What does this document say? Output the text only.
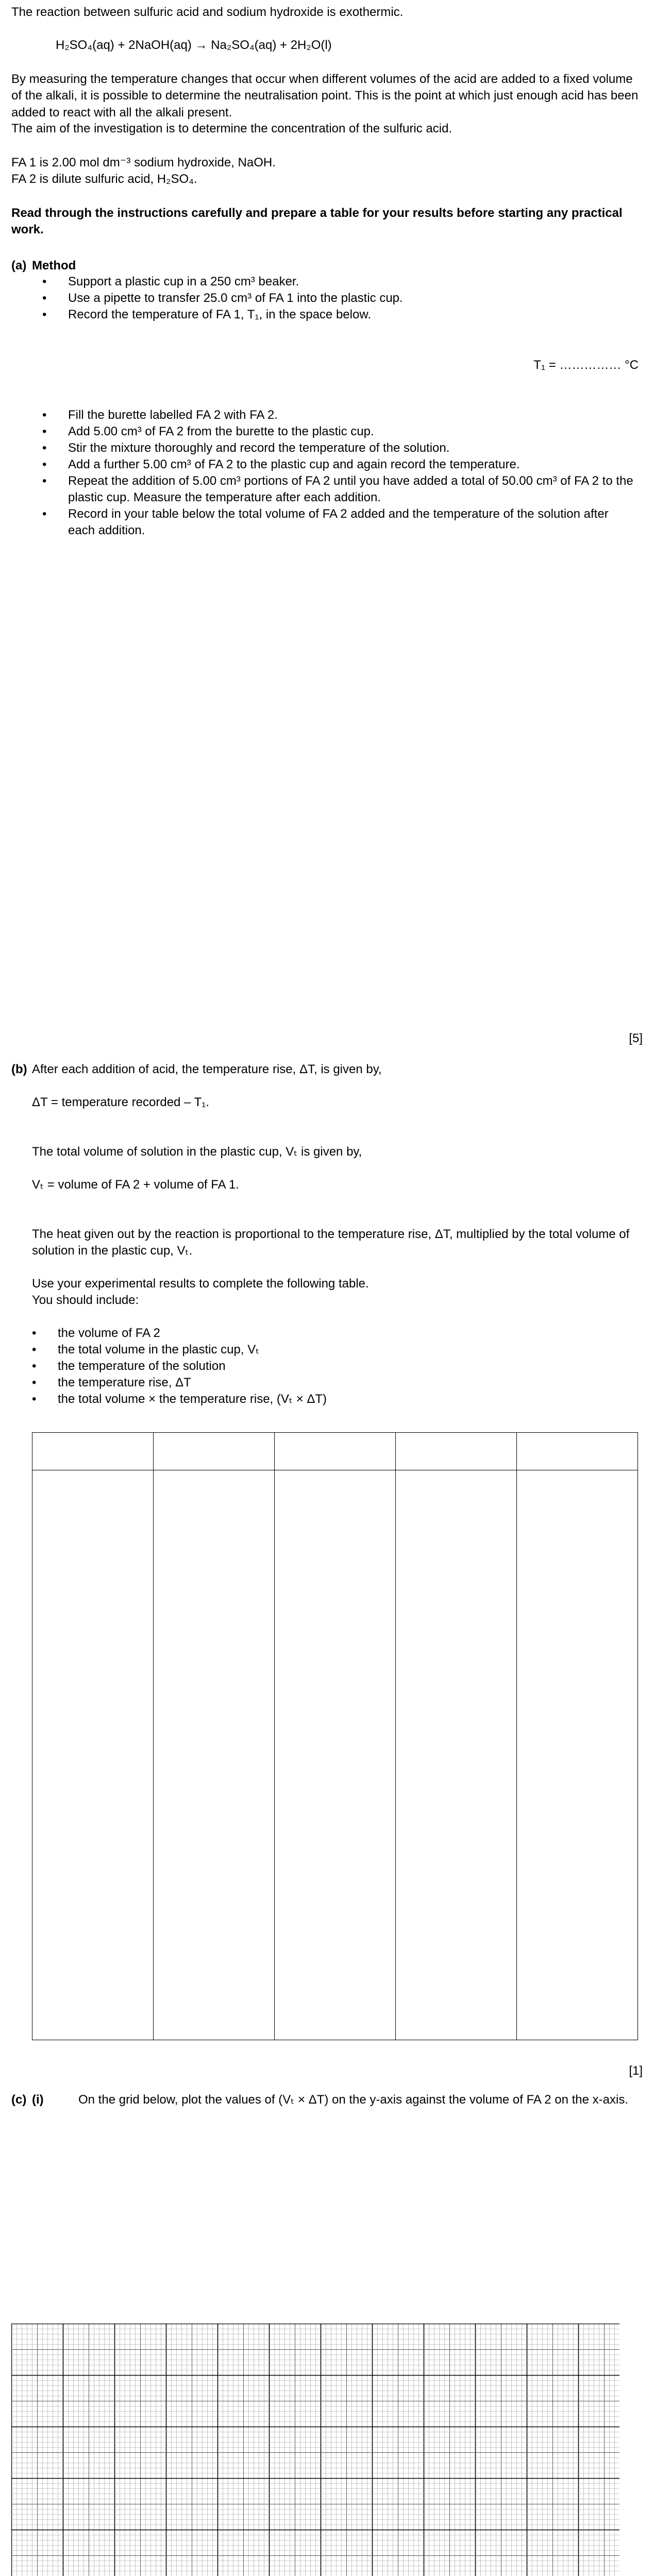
The reaction between sulfuric acid and sodium hydroxide is exothermic.

H₂SO₄(aq) + 2NaOH(aq) → Na₂SO₄(aq) + 2H₂O(l)

By measuring the temperature changes that occur when different volumes of the acid are added to a fixed volume of the alkali, it is possible to determine the neutralisation point. This is the point at which just enough acid has been added to react with all the alkali present.

The aim of the investigation is to determine the concentration of the sulfuric acid.

FA 1 is 2.00 mol dm⁻³ sodium hydroxide, NaOH.

FA 2 is dilute sulfuric acid, H₂SO₄.

Read through the instructions carefully and prepare a table for your results before starting any practical work.

(a) Method

• Support a plastic cup in a 250 cm³ beaker.

• Use a pipette to transfer 25.0 cm³ of FA 1 into the plastic cup.

• Record the temperature of FA 1, T₁, in the space below.

T₁ = …………… °C

• Fill the burette labelled FA 2 with FA 2.

• Add 5.00 cm³ of FA 2 from the burette to the plastic cup.

• Stir the mixture thoroughly and record the temperature of the solution.

• Add a further 5.00 cm³ of FA 2 to the plastic cup and again record the temperature.

• Repeat the addition of 5.00 cm³ portions of FA 2 until you have added a total of 50.00 cm³ of FA 2 to the plastic cup. Measure the temperature after each addition.

• Record in your table below the total volume of FA 2 added and the temperature of the solution after each addition.

[5]

(b) After each addition of acid, the temperature rise, ΔT, is given by,

ΔT = temperature recorded – T₁.

The total volume of solution in the plastic cup, Vₜ is given by,

Vₜ = volume of FA 2 + volume of FA 1.

The heat given out by the reaction is proportional to the temperature rise, ΔT, multiplied by the total volume of solution in the plastic cup, Vₜ.

Use your experimental results to complete the following table.

You should include:

• the volume of FA 2

• the total volume in the plastic cup, Vₜ

• the temperature of the solution

• the temperature rise, ΔT

• the total volume × the temperature rise, (Vₜ × ΔT)

[1]

(c) (i)	On the grid below, plot the values of (Vₜ × ΔT) on the y-axis against the volume of FA 2 on the x-axis.
